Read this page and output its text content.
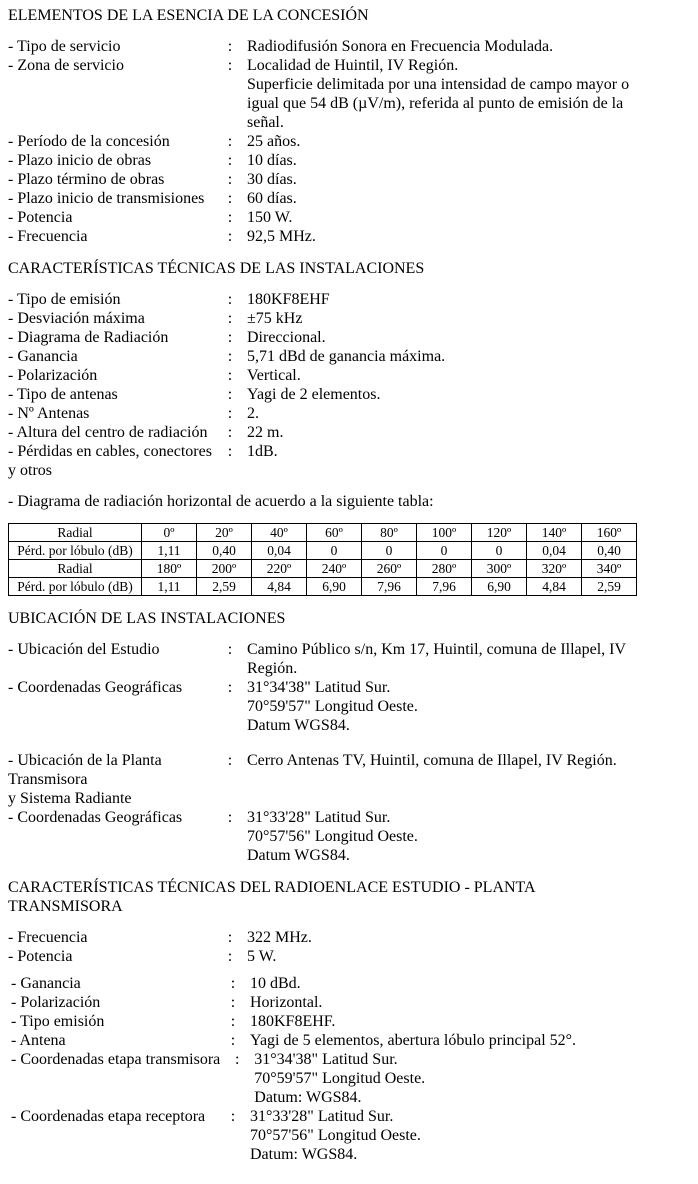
ELEMENTOS DE LA ESENCIA DE LA CONCESIÓN
- Tipo de servicio	: Radiodifusión Sonora en Frecuencia Modulada.
- Zona de servicio	: Localidad de Huintil, IV Región.
Superficie delimitada por una intensidad de campo mayor o
igual que 54 dB (µV/m), referida al punto de emisión de la
señal.
- Período de la concesión	: 25 años.
- Plazo inicio de obras	: 10 días.
- Plazo término de obras	: 30 días.
- Plazo inicio de transmisiones	: 60 días.
- Potencia	: 150 W.
- Frecuencia	: 92,5 MHz.
CARACTERÍSTICAS TÉCNICAS DE LAS INSTALACIONES
- Tipo de emisión	: 180KF8EHF
- Desviación máxima	: ±75 kHz
- Diagrama de Radiación	: Direccional.
- Ganancia	: 5,71 dBd de ganancia máxima.
- Polarización	: Vertical.
- Tipo de antenas	: Yagi de 2 elementos.
- Nº Antenas	: 2.
- Altura del centro de radiación	: 22 m.
- Pérdidas en cables, conectores
y otros
: 1dB.
- Diagrama de radiación horizontal de acuerdo a la siguiente tabla:
Radial	0º	20º	40º	60º	80º	100º	120º	140º	160º
Pérd. por lóbulo (dB)	1,11	0,40	0,04	0	0	0	0	0,04	0,40
Radial	180º	200º	220º	240º	260º	280º	300º	320º	340º
Pérd. por lóbulo (dB)	1,11	2,59	4,84	6,90	7,96	7,96	6,90	4,84	2,59
UBICACIÓN DE LAS INSTALACIONES
- Ubicación del Estudio	: Camino Público s/n, Km 17, Huintil, comuna de Illapel, IV
Región.
- Coordenadas Geográficas	: 31°34'38" Latitud Sur.
70°59'57" Longitud Oeste.
Datum WGS84.
- Ubicación de la Planta
Transmisora
y Sistema Radiante
: Cerro Antenas TV, Huintil, comuna de Illapel, IV Región.
- Coordenadas Geográficas	: 31°33'28" Latitud Sur.
70°57'56" Longitud Oeste.
Datum WGS84.
CARACTERÍSTICAS TÉCNICAS DEL RADIOENLACE ESTUDIO - PLANTA
TRANSMISORA
- Frecuencia	: 322 MHz.
- Potencia	: 5 W.
- Ganancia	: 10 dBd.
- Polarización	: Horizontal.
- Tipo emisión	: 180KF8EHF.
- Antena	: Yagi de 5 elementos, abertura lóbulo principal 52°.
- Coordenadas etapa transmisora : 31°34'38" Latitud Sur.
70°59'57" Longitud Oeste.
Datum: WGS84.
- Coordenadas etapa receptora	: 31°33'28" Latitud Sur.
70°57'56" Longitud Oeste.
Datum: WGS84.
